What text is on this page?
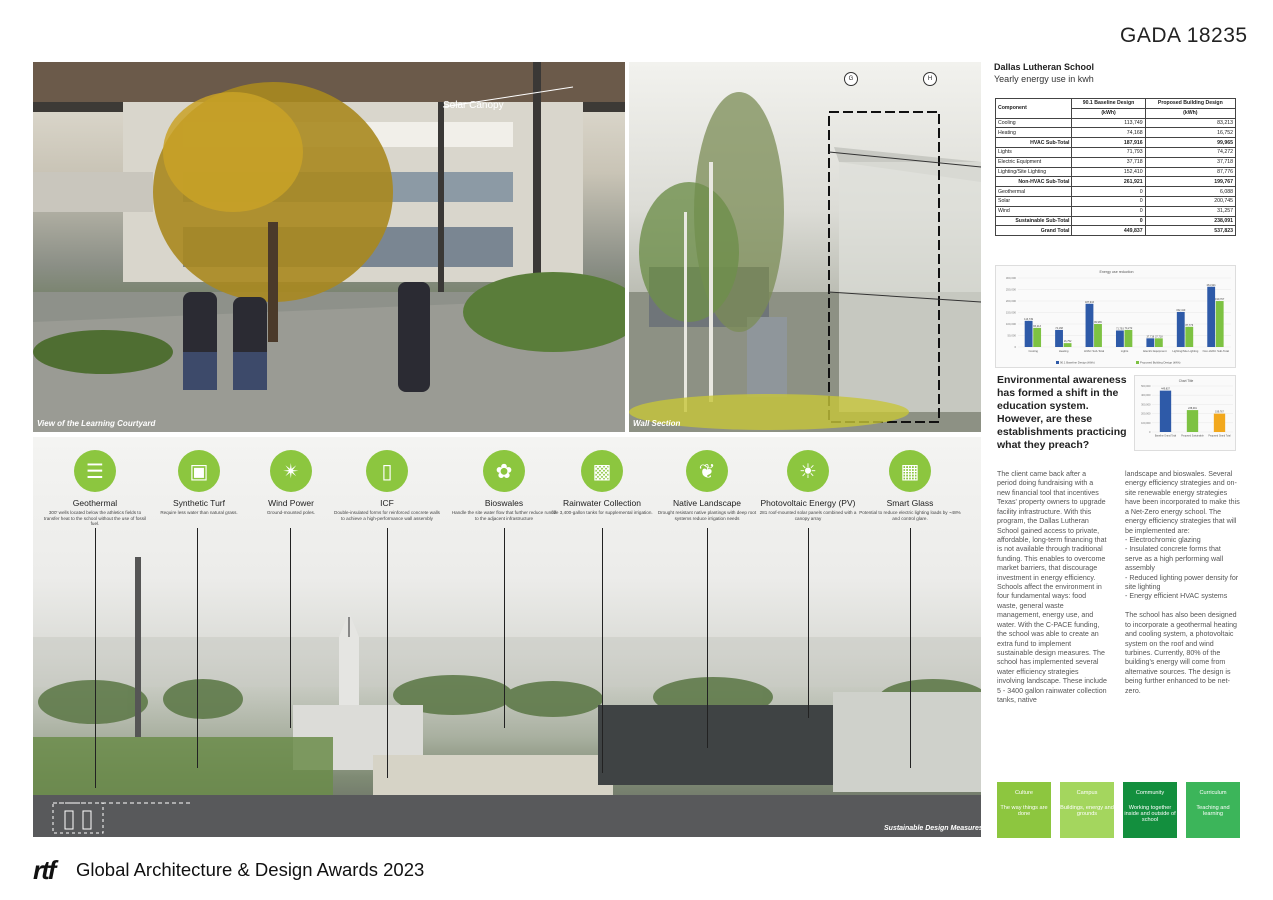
GADA 18235
Solar Canopy
View of the Learning Courtyard
G	H
Wall Section
Sustainable Design Measures
☰
Geothermal
300' wells located below the athletics fields to transfer heat to the school without the use of fossil fuel.
▣
Synthetic Turf
Require less water than natural grass.
✴
Wind Power
Ground-mounted poles.
▯
ICF
Double-insulated forms for reinforced concrete walls to achieve a high-performance wall assembly
✿
Bioswales
Handle the site water flow that further reduce runoff to the adjacent infrastructure
▩
Rainwater Collection
five 3,400-gallon tanks for supplemental irrigation.
❦
Native Landscape
Drought resistant native plantings with deep root systems reduce irrigation needs
☀
Photovoltaic Energy (PV)
281 roof-mounted solar panels combined with a canopy array
▦
Smart Glass
Potential to reduce electric lighting loads by ~48% and control glare.
Dallas Lutheran School
Yearly energy use in kwh
Component	90.1 Baseline Design	Proposed Building Design
	(kWh)	(kWh)
Cooling	113,749	83,213
Heating	74,168	16,752
HVAC Sub-Total	187,916	99,965
Lights	71,793	74,272
Electric Equipment	37,718	37,718
Lighting/Site Lighting	152,410	87,776
Non-HVAC Sub-Total	261,921	199,767
Geothermal	0	6,088
Solar	0	200,745
Wind	0	31,257
Sustainable Sub-Total	0	238,091
Grand Total	449,837	537,823
Energy use reduction
0
50,000
100,000
150,000
200,000
250,000
300,000
113,749
83,213
Cooling
74,168
16,752
Heating
187,916
99,965
HVAC Sub-Total
71,793 74,272
Lights
37,718 37,718
Electric Equipment
152,410
87,776
Lighting/Site Lighting
261,921
199,767
Non-HVAC Sub-Total
90.1 Baseline Design (kWh)	Proposed Building Design (kWh)
Environmental awareness has formed a shift in the education system. However, are these establishments practicing what they preach?
Chart Title
0
100,000
200,000
300,000
400,000
500,000
449,837
Baseline Grand Total
238,091
Proposed Sustainable
199,767
Proposed Grand Total
The client came back after a period doing fundraising with a new financial tool that incentives Texas' property owners to upgrade facility infrastructure. With this program, the Dallas Lutheran School gained access to private, affordable, long-term financing that is not available through traditional funding. This enables to overcome market barriers, that discourage investment in energy efficiency. Schools affect the environment in four fundamental ways: food waste, general waste management, energy use, and water. With the C-PACE funding, the school was able to create an extra fund to implement sustainable design measures. The school has implemented several water efficiency strategies involving landscape. These include 5 - 3400 gallon rainwater collection tanks, native
landscape and bioswales. Several energy efficiency strategies and on-site renewable energy strategies have been incorporated to make this a Net-Zero energy school. The energy efficiency strategies that will be implemented are:
- Electrochromic glazing
- Insulated concrete forms that serve as a high performing wall assembly
- Reduced lighting power density for site lighting
- Energy efficient HVAC systems

The school has also been designed to incorporate a geothermal heating and cooling system, a photovoltaic system on the roof and wind turbines. Currently, 80% of the building's energy will come from alternative sources. The design is being further enhanced to be net-zero.
Culture
The way things are done
Campus
Buildings, energy and grounds
Community
Working together inside and outside of school
Curriculum
Teaching and learning
rtf Global Architecture & Design Awards 2023
